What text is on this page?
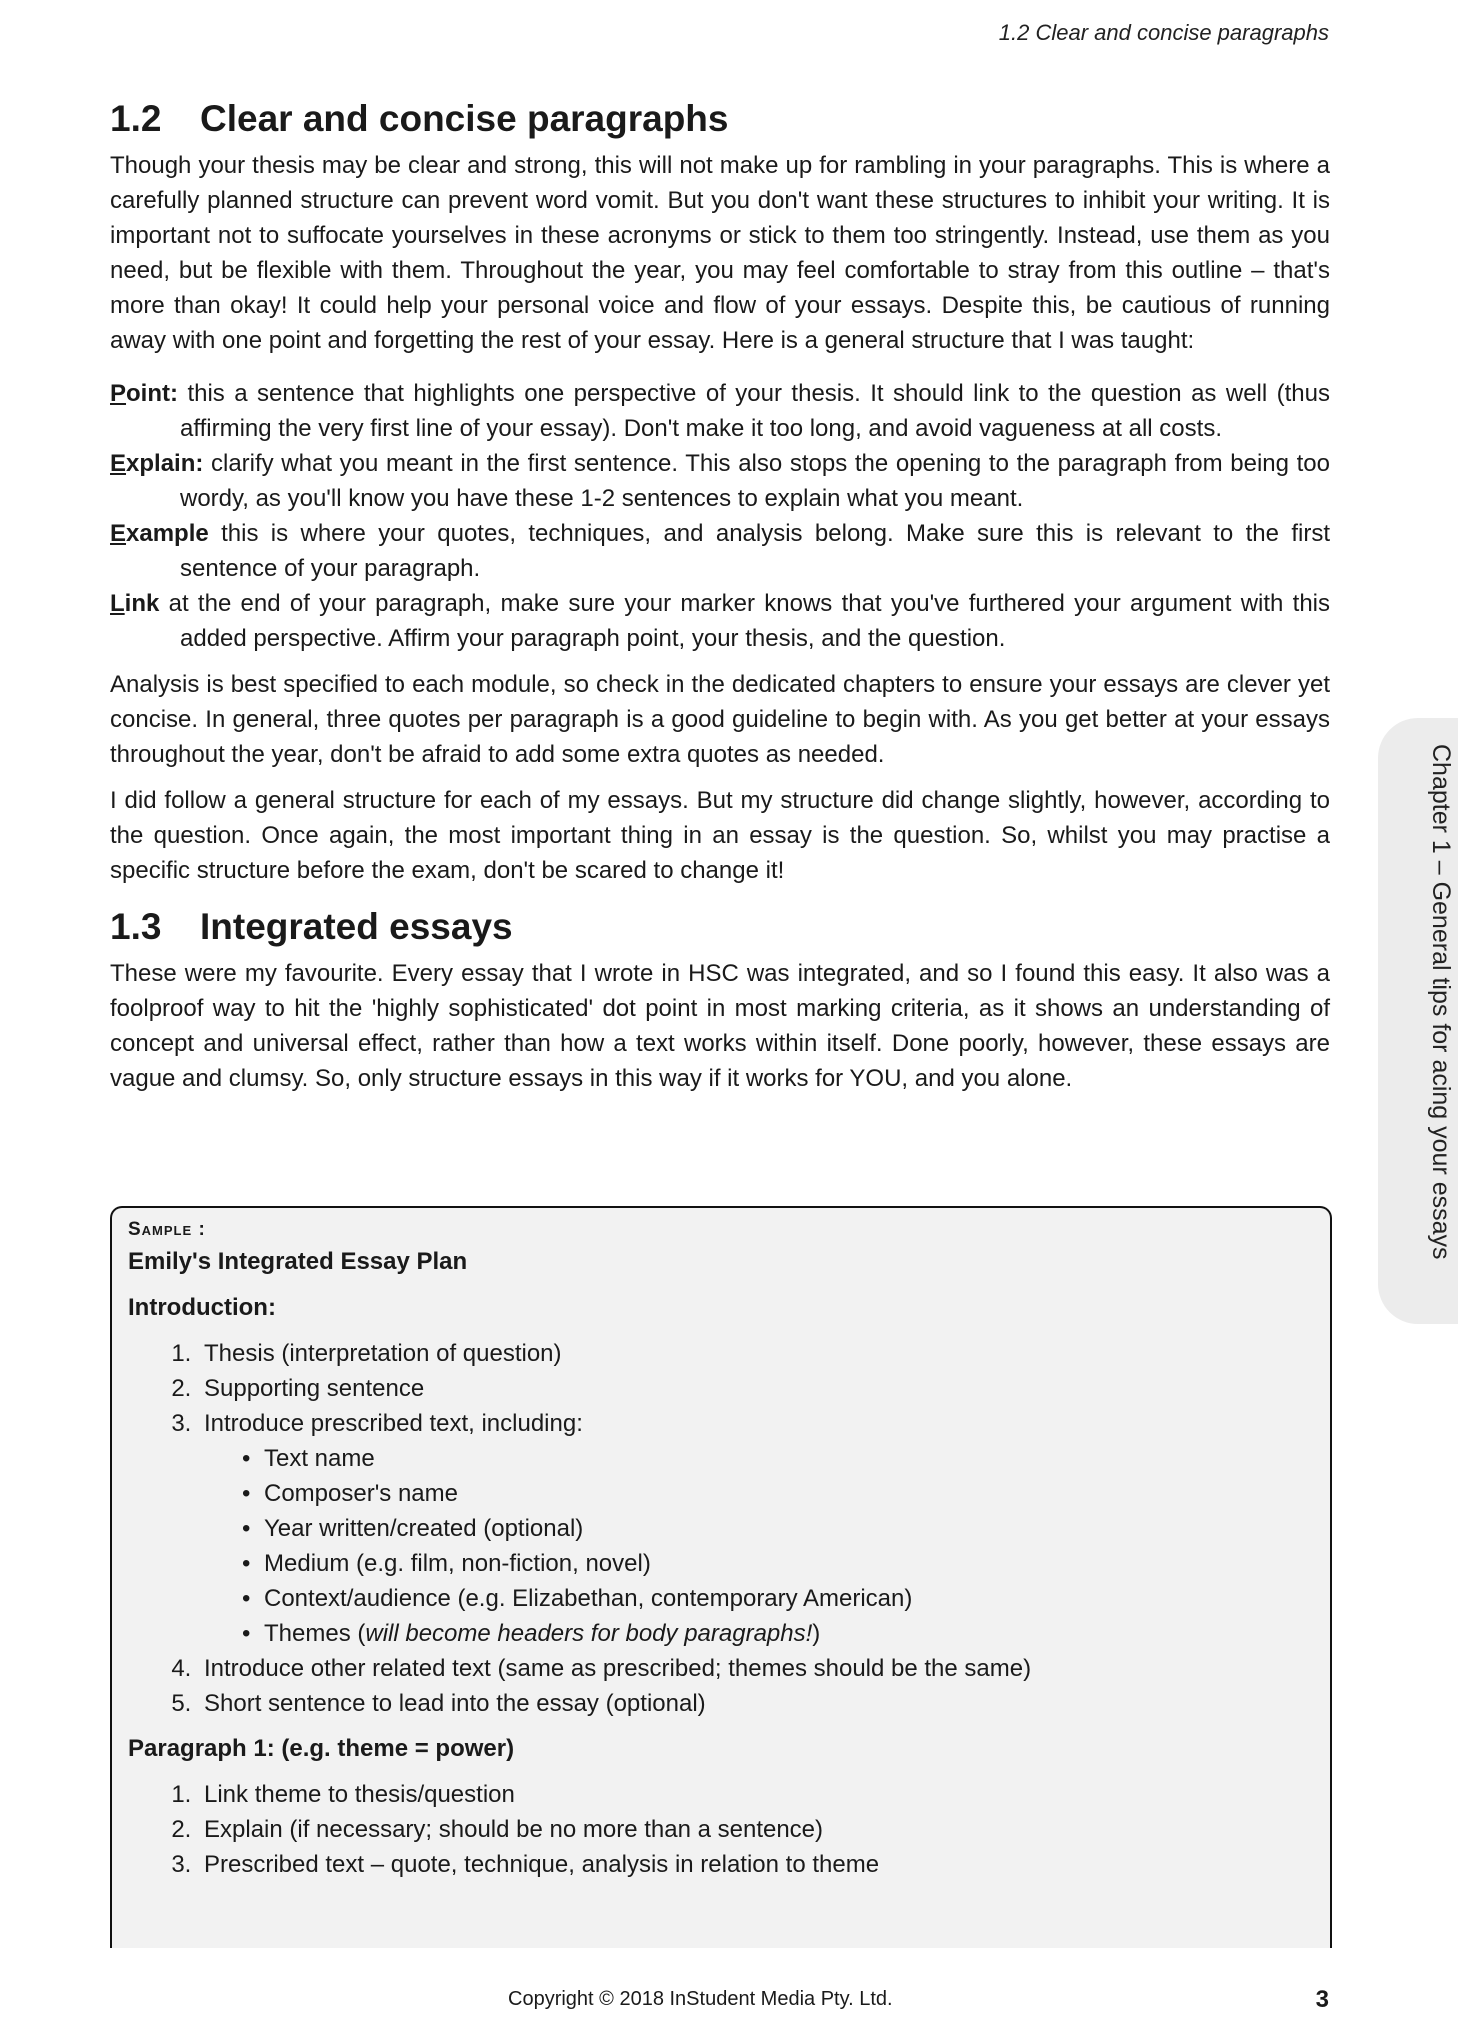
1.2 Clear and concise paragraphs
1.2	Clear and concise paragraphs

Though your thesis may be clear and strong, this will not make up for rambling in your paragraphs. This is where a carefully planned structure can prevent word vomit. But you don't want these structures to inhibit your writing. It is important not to suffocate yourselves in these acronyms or stick to them too stringently. Instead, use them as you need, but be flexible with them. Throughout the year, you may feel comfortable to stray from this outline – that's more than okay! It could help your personal voice and flow of your essays. Despite this, be cautious of running away with one point and forgetting the rest of your essay. Here is a general structure that I was taught:

Point: this a sentence that highlights one perspective of your thesis. It should link to the question as well (thus affirming the very first line of your essay). Don't make it too long, and avoid vagueness at all costs.
Explain: clarify what you meant in the first sentence. This also stops the opening to the paragraph from being too wordy, as you'll know you have these 1-2 sentences to explain what you meant.
Example this is where your quotes, techniques, and analysis belong. Make sure this is relevant to the first sentence of your paragraph.
Link at the end of your paragraph, make sure your marker knows that you've furthered your argument with this added perspective. Affirm your paragraph point, your thesis, and the question.

Analysis is best specified to each module, so check in the dedicated chapters to ensure your essays are clever yet concise. In general, three quotes per paragraph is a good guideline to begin with. As you get better at your essays throughout the year, don't be afraid to add some extra quotes as needed.

I did follow a general structure for each of my essays. But my structure did change slightly, however, according to the question. Once again, the most important thing in an essay is the question. So, whilst you may practise a specific structure before the exam, don't be scared to change it!

1.3	Integrated essays

These were my favourite. Every essay that I wrote in HSC was integrated, and so I found this easy. It also was a foolproof way to hit the 'highly sophisticated' dot point in most marking criteria, as it shows an understanding of concept and universal effect, rather than how a text works within itself. Done poorly, however, these essays are vague and clumsy. So, only structure essays in this way if it works for YOU, and you alone.

Sample :
Emily's Integrated Essay Plan
Introduction:
1. Thesis (interpretation of question)
2. Supporting sentence
3. Introduce prescribed text, including:
• Text name
• Composer's name
• Year written/created (optional)
• Medium (e.g. film, non-fiction, novel)
• Context/audience (e.g. Elizabethan, contemporary American)
• Themes (will become headers for body paragraphs!)
4. Introduce other related text (same as prescribed; themes should be the same)
5. Short sentence to lead into the essay (optional)
Paragraph 1: (e.g. theme = power)
1. Link theme to thesis/question
2. Explain (if necessary; should be no more than a sentence)
3. Prescribed text – quote, technique, analysis in relation to theme
Chapter 1 – General tips for acing your essays
Copyright © 2018 InStudent Media Pty. Ltd.	3
